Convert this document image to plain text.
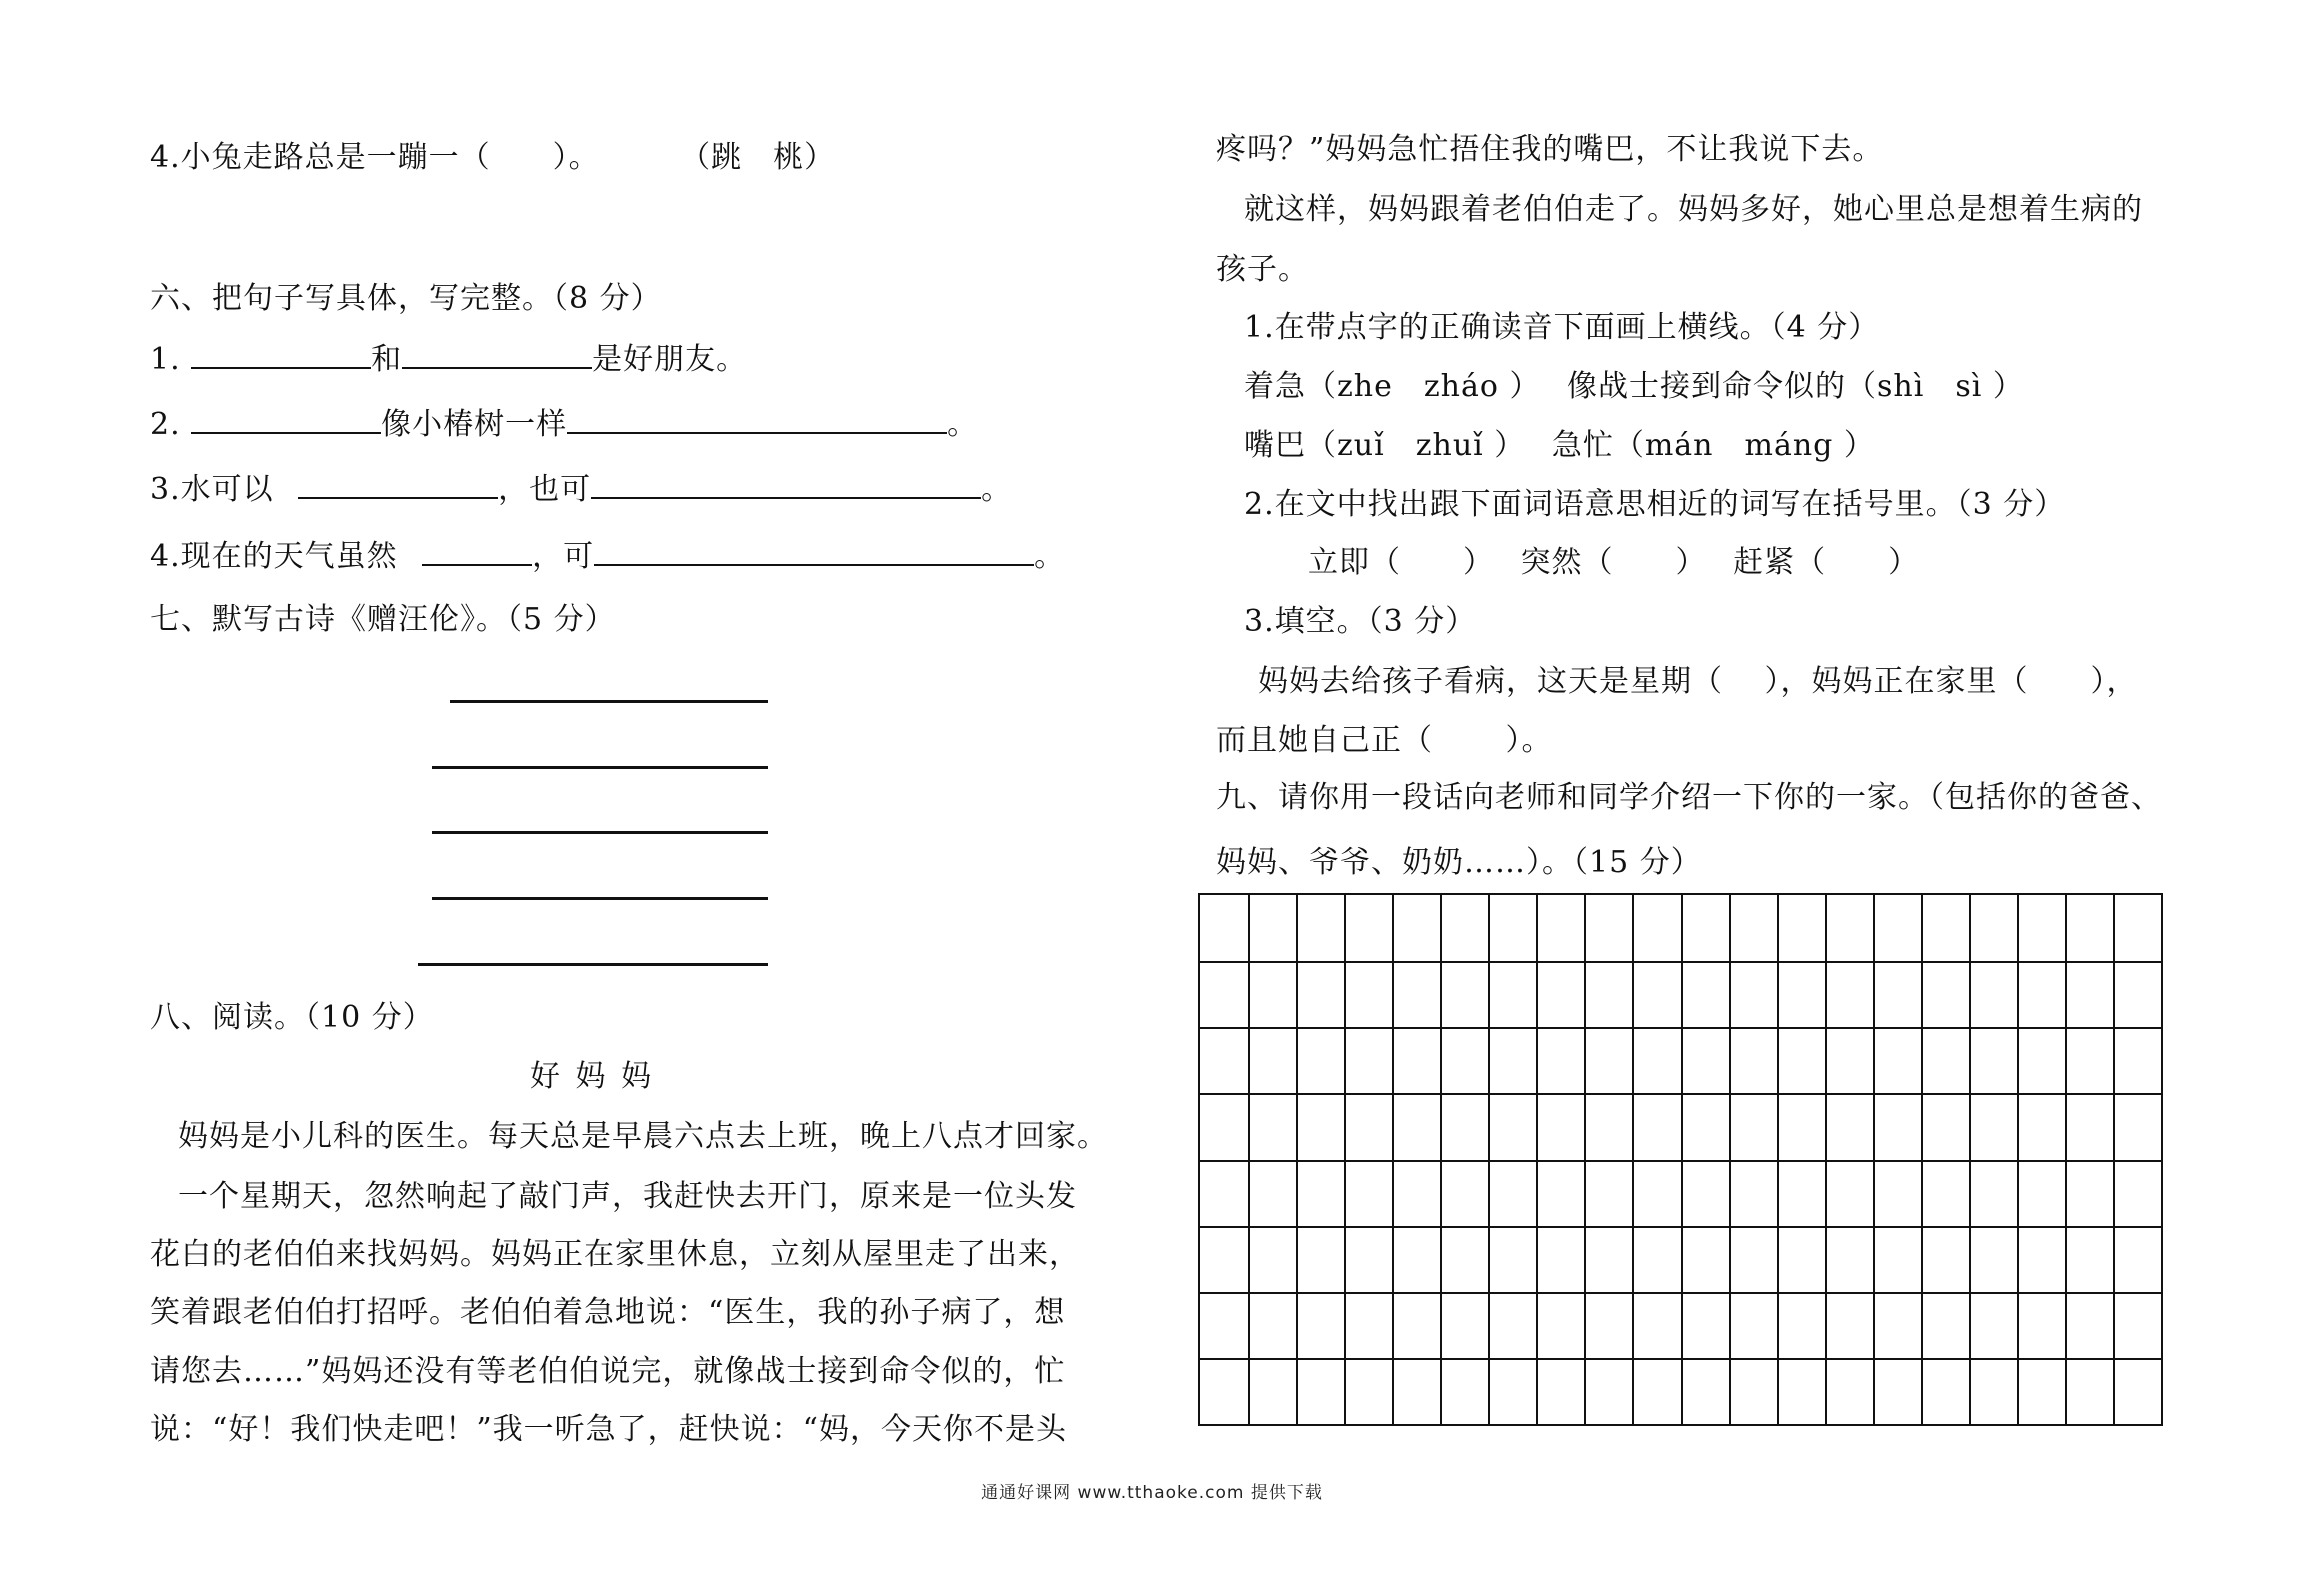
4.小兔走路总是一蹦一（　　）。	（跳　桃）
六、把句子写具体，写完整。（8 分）
1.	和	是好朋友。
2.	像小椿树一样	。
3.水可以	，也可	。
4.现在的天气虽然	，可	。
七、默写古诗《赠汪伦》。（5 分）
八、阅读。（10 分）
好 妈 妈
妈妈是小儿科的医生。每天总是早晨六点去上班，晚上八点才回家。
一个星期天，忽然响起了敲门声，我赶快去开门，原来是一位头发
花白的老伯伯来找妈妈。妈妈正在家里休息，立刻从屋里走了出来，
笑着跟老伯伯打招呼。老伯伯着急地说：“医生，我的孙子病了，想
请您去……”妈妈还没有等老伯伯说完，就像战士接到命令似的，忙
说：“好！我们快走吧！”我一听急了，赶快说：“妈，今天你不是头
疼吗？”妈妈急忙捂住我的嘴巴，不让我说下去。
就这样，妈妈跟着老伯伯走了。妈妈多好，她心里总是想着生病的
孩子。
1.在带点字的正确读音下面画上横线。（4 分）
着急（zhe　zháo ）　 像战士接到命令似的（shì　sì ）
嘴巴（zuǐ　zhuǐ ）　 急忙（mán　máng ）
2.在文中找出跟下面词语意思相近的词写在括号里。（3 分）
立即（　　）　 突然（　　）　 赶紧（　　）
3.填空。（3 分）
妈妈去给孩子看病，这天是星期（　 ），妈妈正在家里（　　），
而且她自己正（　　 ）。
九、请你用一段话向老师和同学介绍一下你的一家。（包括你的爸爸、
妈妈、爷爷、奶奶……）。（15 分）
通通好课网 www.tthaoke.com 提供下载
